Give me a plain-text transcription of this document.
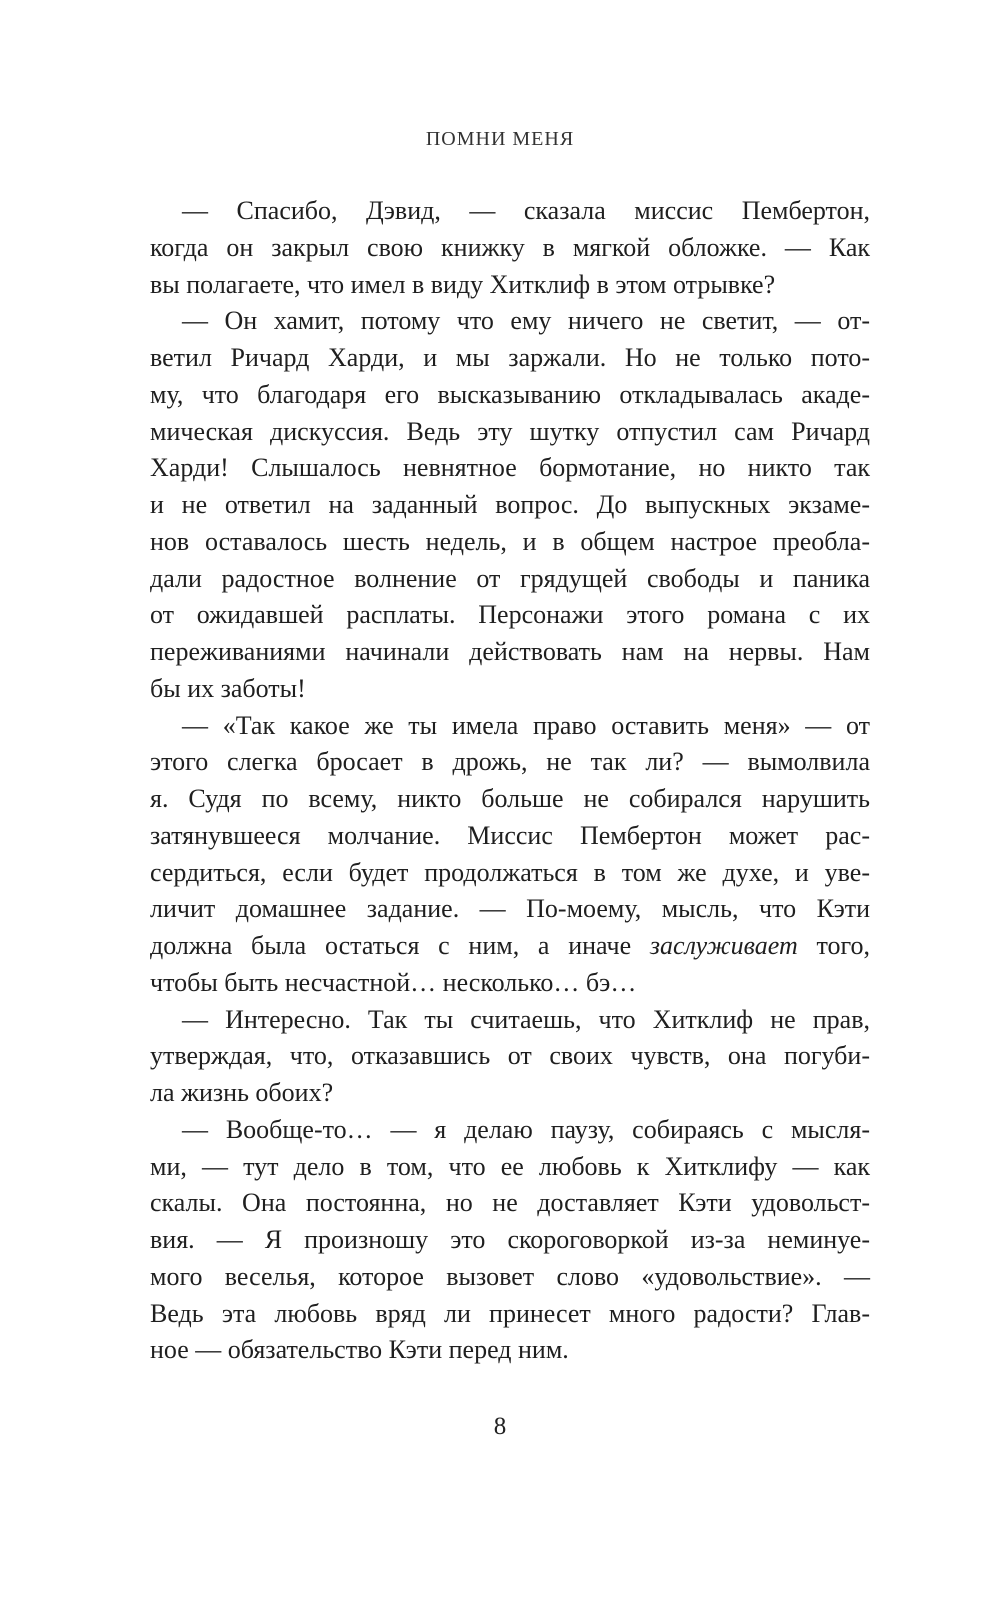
ПОМНИ МЕНЯ
— Спасибо, Дэвид, — сказала миссис Пембертон,
когда он закрыл свою книжку в мягкой обложке. — Как
вы полагаете, что имел в виду Хитклиф в этом отрывке?
— Он хамит, потому что ему ничего не светит, — от-
ветил Ричард Харди, и мы заржали. Но не только пото-
му, что благодаря его высказыванию откладывалась акаде-
мическая дискуссия. Ведь эту шутку отпустил сам Ричард
Харди! Слышалось невнятное бормотание, но никто так
и не ответил на заданный вопрос. До выпускных экзаме-
нов оставалось шесть недель, и в общем настрое преобла-
дали радостное волнение от грядущей свободы и паника
от ожидавшей расплаты. Персонажи этого романа с их
переживаниями начинали действовать нам на нервы. Нам
бы их заботы!
— «Так какое же ты имела право оставить меня» — от
этого слегка бросает в дрожь, не так ли? — вымолвила
я. Судя по всему, никто больше не собирался нарушить
затянувшееся молчание. Миссис Пембертон может рас-
сердиться, если будет продолжаться в том же духе, и уве-
личит домашнее задание. — По-моему, мысль, что Кэти
должна была остаться с ним, а иначе заслуживает того,
чтобы быть несчастной… несколько… бэ…
— Интересно. Так ты считаешь, что Хитклиф не прав,
утверждая, что, отказавшись от своих чувств, она погуби-
ла жизнь обоих?
— Вообще-то… — я делаю паузу, собираясь с мысля-
ми, — тут дело в том, что ее любовь к Хитклифу — как
скалы. Она постоянна, но не доставляет Кэти удовольст-
вия. — Я произношу это скороговоркой из-за неминуе-
мого веселья, которое вызовет слово «удовольствие». —
Ведь эта любовь вряд ли принесет много радости? Глав-
ное — обязательство Кэти перед ним.
8
